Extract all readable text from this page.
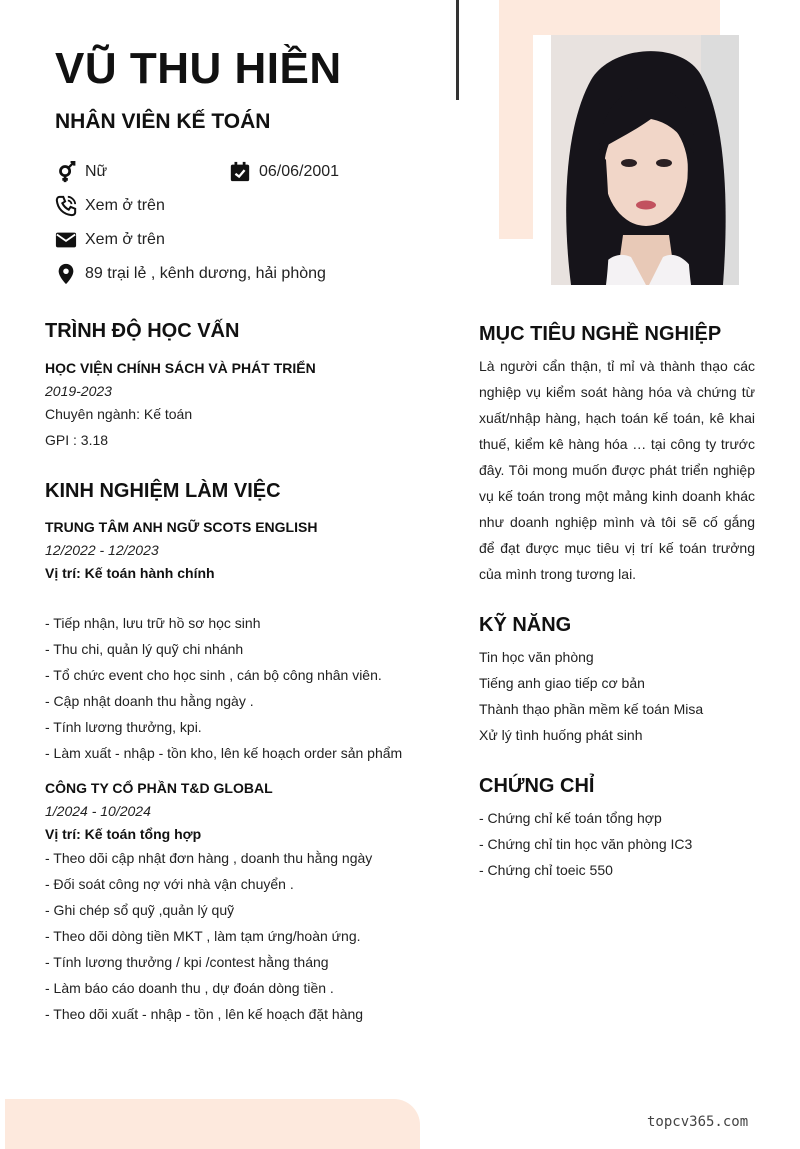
VŨ THU HIỀN
NHÂN VIÊN KẾ TOÁN
Nữ	06/06/2001
Xem ở trên
Xem ở trên
89 trại lẻ , kênh dương, hải phòng
TRÌNH ĐỘ HỌC VẤN
HỌC VIỆN CHÍNH SÁCH VÀ PHÁT TRIỂN
2019-2023
Chuyên ngành: Kế toán
GPI : 3.18
KINH NGHIỆM LÀM VIỆC
TRUNG TÂM ANH NGỮ SCOTS ENGLISH
12/2022 - 12/2023
Vị trí: Kế toán hành chính
- Tiếp nhận, lưu trữ hồ sơ học sinh
- Thu chi, quản lý quỹ chi nhánh
- Tổ chức event cho học sinh , cán bộ công nhân viên.
- Cập nhật doanh thu hằng ngày .
- Tính lương thưởng, kpi.
- Làm xuất - nhập - tồn kho, lên kế hoạch order sản phẩm
CÔNG TY CỔ PHẦN T&D GLOBAL
1/2024 - 10/2024
Vị trí: Kế toán tổng hợp
- Theo dõi cập nhật đơn hàng , doanh thu hằng ngày
- Đối soát công nợ với nhà vận chuyển .
- Ghi chép sổ quỹ ,quản lý quỹ
- Theo dõi dòng tiền MKT , làm tạm ứng/hoàn ứng.
- Tính lương thưởng / kpi /contest hằng tháng
- Làm báo cáo doanh thu , dự đoán dòng tiền .
- Theo dõi xuất - nhập - tồn , lên kế hoạch đặt hàng
MỤC TIÊU NGHỀ NGHIỆP
Là người cẩn thận, tỉ mỉ và thành thạo các nghiệp vụ kiểm soát hàng hóa và chứng từ xuất/nhập hàng, hạch toán kế toán, kê khai thuế, kiểm kê hàng hóa … tại công ty trước đây. Tôi mong muốn được phát triển nghiệp vụ kế toán trong một mảng kinh doanh khác như doanh nghiệp mình và tôi sẽ cố gắng để đạt được mục tiêu vị trí kế toán trưởng của mình trong tương lai.
KỸ NĂNG
Tin học văn phòng
Tiếng anh giao tiếp cơ bản
Thành thạo phần mềm kế toán Misa
Xử lý tình huống phát sinh
CHỨNG CHỈ
- Chứng chỉ kế toán tổng hợp
- Chứng chỉ tin học văn phòng IC3
- Chứng chỉ toeic 550
topcv365.com
